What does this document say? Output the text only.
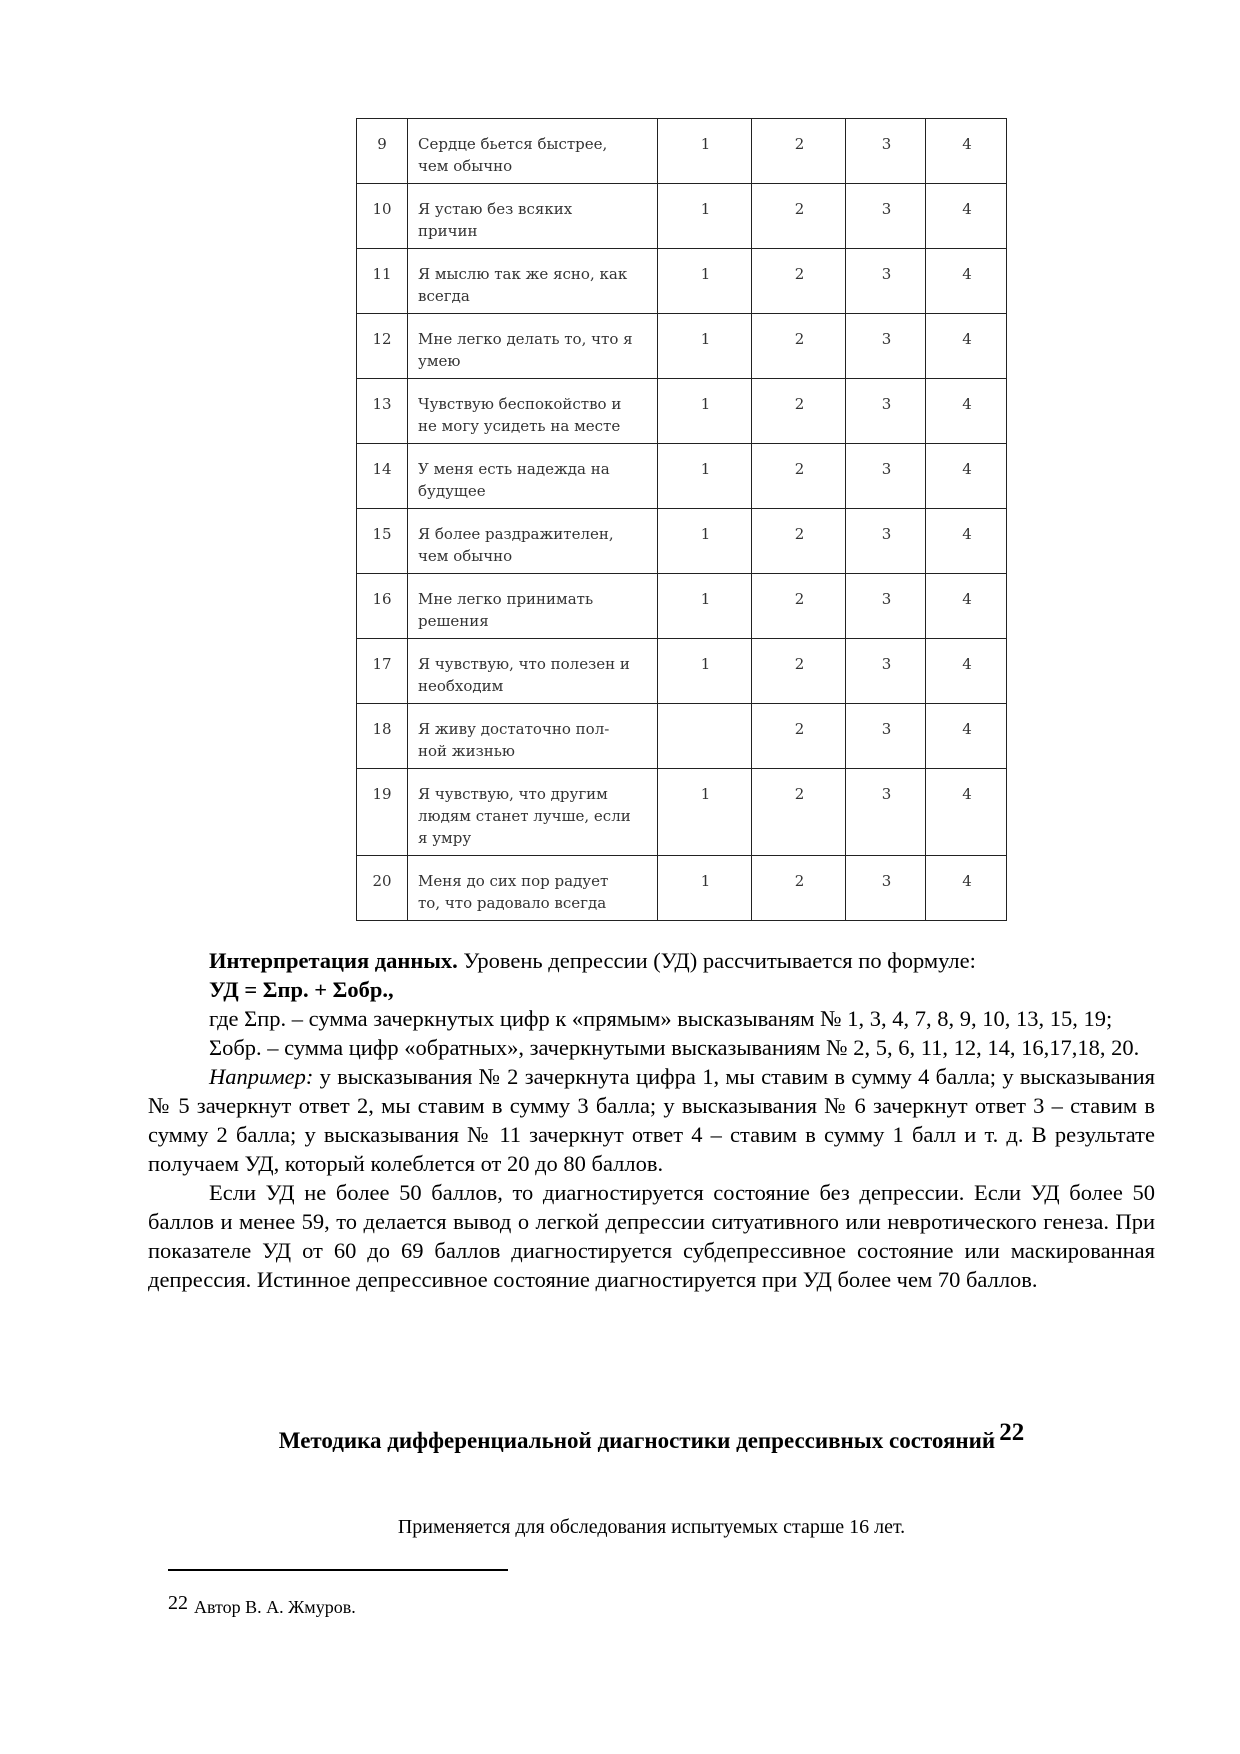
9	Сердце бьется быстрее,
чем обычно	1	2	3	4
10	Я устаю без всяких
причин	1	2	3	4
11	Я мыслю так же ясно, как
всегда	1	2	3	4
12	Мне легко делать то, что я
умею	1	2	3	4
13	Чувствую беспокойство и
не могу усидеть на месте	1	2	3	4
14	У меня есть надежда на
будущее	1	2	3	4
15	Я более раздражителен,
чем обычно	1	2	3	4
16	Мне легко принимать
решения	1	2	3	4
17	Я чувствую, что полезен и
необходим	1	2	3	4
18	Я живу достаточно пол-
ной жизнью		2	3	4
19	Я чувствую, что другим
людям станет лучше, если
я умру	1	2	3	4
20	Меня до сих пор радует
то, что радовало всегда	1	2	3	4

Интерпретация данных. Уровень депрессии (УД) рассчитывается по формуле:

УД = Σпр. + Σобр.,

где Σпр. – сумма зачеркнутых цифр к «прямым» высказываням № 1, 3, 4, 7, 8, 9, 10, 13, 15, 19;

Σобр. – сумма цифр «обратных», зачеркнутыми высказываниям № 2, 5, 6, 11, 12, 14, 16,17,18, 20.

Например: у высказывания № 2 зачеркнута цифра 1, мы ставим в сумму 4 балла; у высказывания № 5 зачеркнут ответ 2, мы ставим в сумму 3 балла; у высказывания № 6 зачеркнут ответ 3 – ставим в сумму 2 балла; у высказывания № 11 зачеркнут ответ 4 – ставим в сумму 1 балл и т. д. В результате получаем УД, который колеблется от 20 до 80 баллов.

Если УД не более 50 баллов, то диагностируется состояние без депрессии. Если УД более 50 баллов и менее 59, то делается вывод о легкой депрессии ситуативного или невротического генеза. При показателе УД от 60 до 69 баллов диагностируется субдепрессивное состояние или маскированная депрессия. Истинное депрессивное состояние диагностируется при УД более чем 70 баллов.

Методика дифференциальной диагностики депрессивных состояний $^{22}$
Применяется для обследования испытуемых старше 16 лет.
22 Автор В. А. Жмуров.
